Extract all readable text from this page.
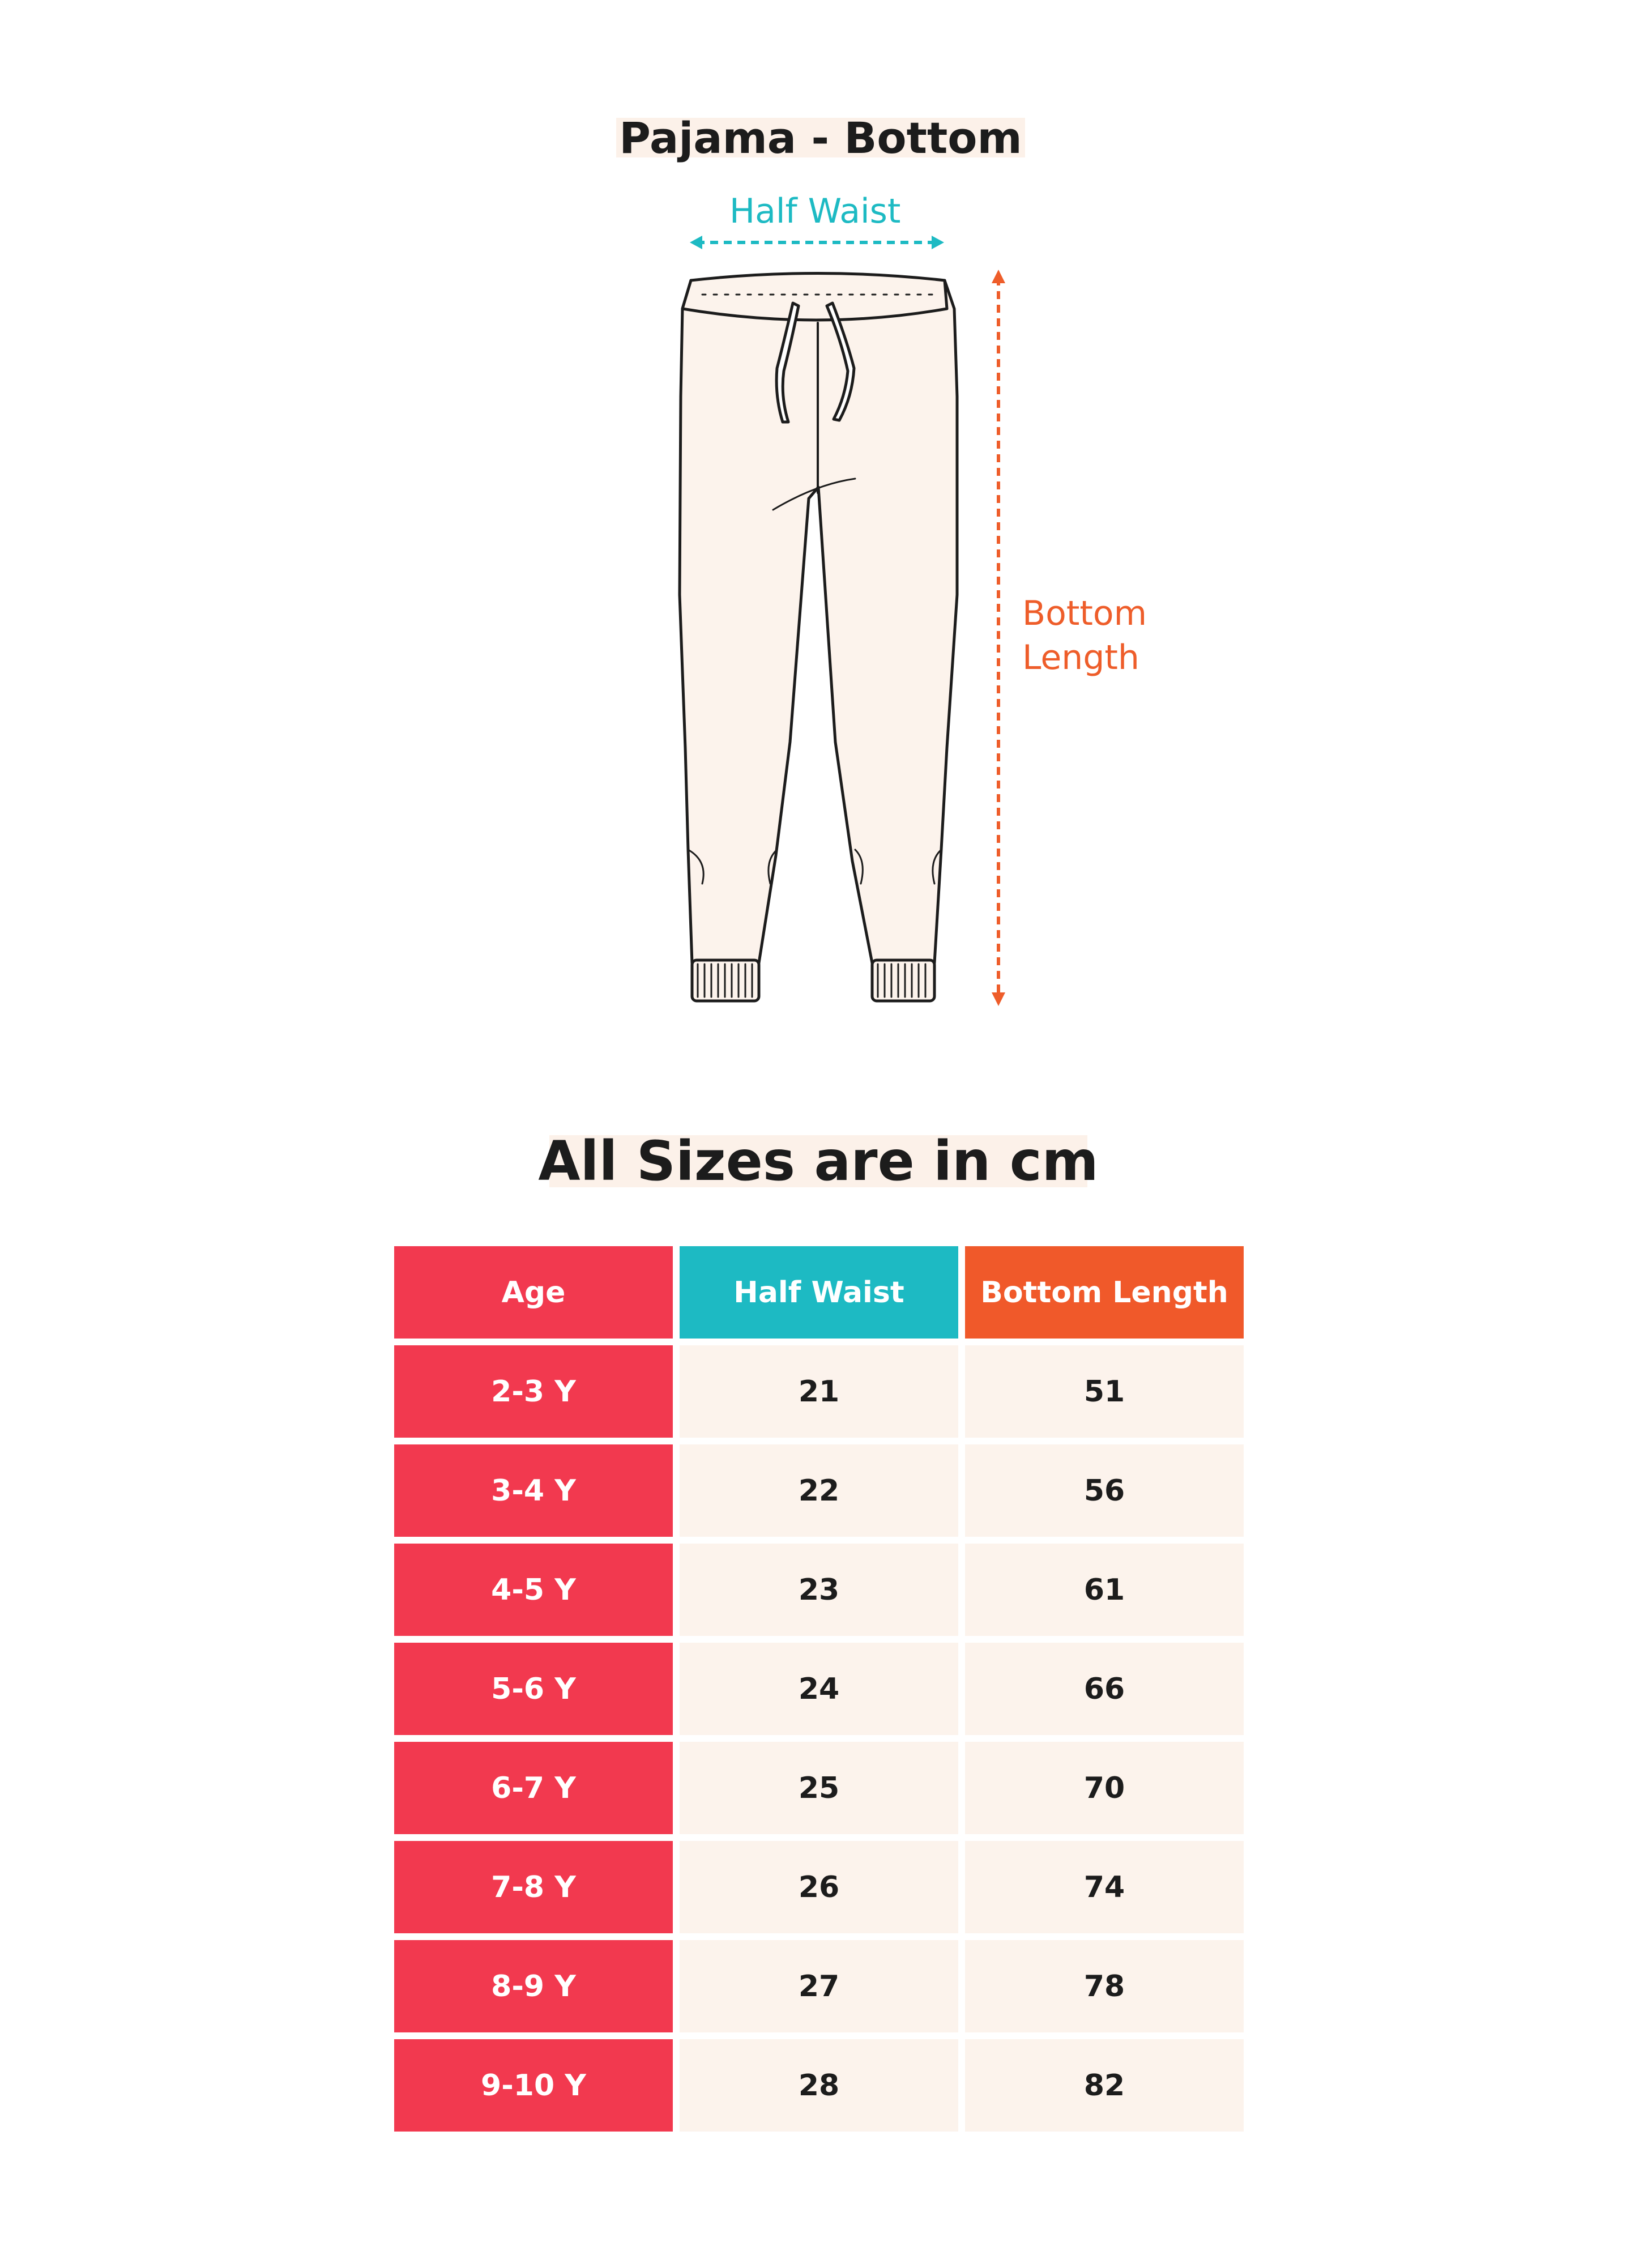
Pajama - Bottom
Half Waist
Bottom Length
All Sizes are in cm
Age	Half Waist	Bottom Length
2-3 Y	21	51
3-4 Y	22	56
4-5 Y	23	61
5-6 Y	24	66
6-7 Y	25	70
7-8 Y	26	74
8-9 Y	27	78
9-10 Y	28	82
